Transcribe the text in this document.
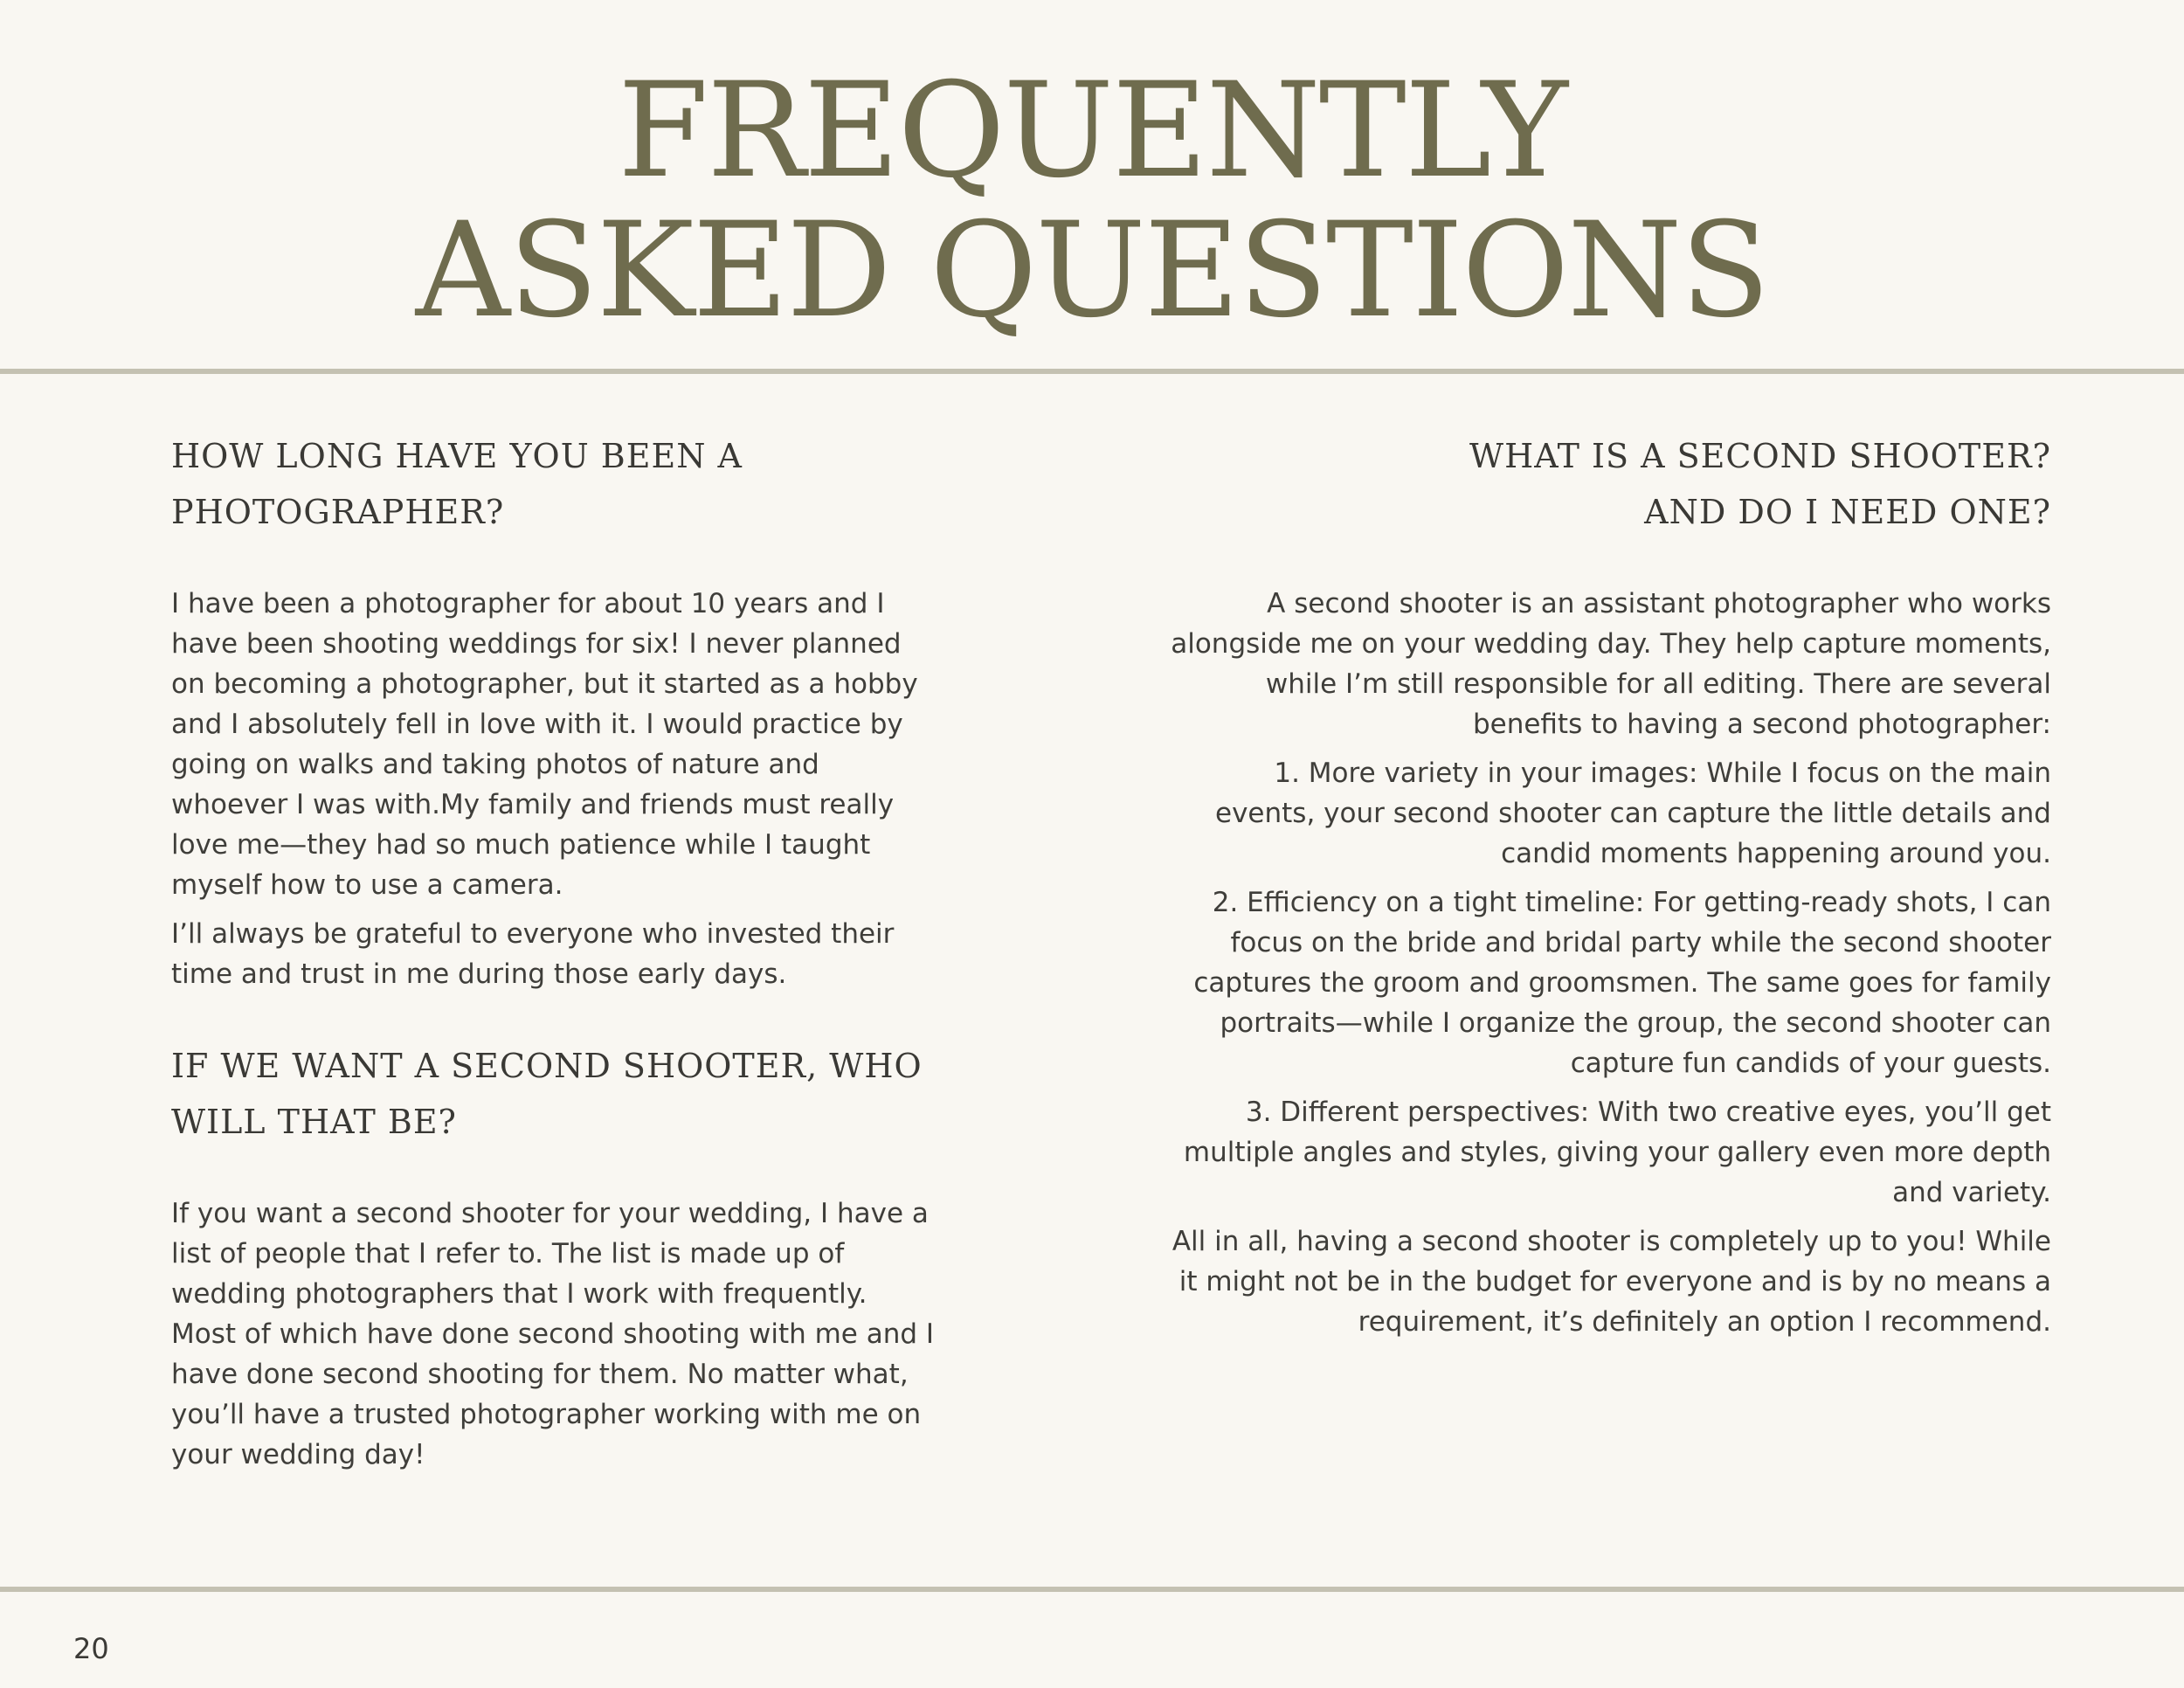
FREQUENTLY
ASKED QUESTIONS
HOW LONG HAVE YOU BEEN A
PHOTOGRAPHER?

I have been a photographer for about 10 years and I have been shooting weddings for six! I never planned on becoming a photographer, but it started as a hobby and I absolutely fell in love with it. I would practice by going on walks and taking photos of nature and whoever I was with.My family and friends must really love me—they had so much patience while I taught myself how to use a camera.

I’ll always be grateful to everyone who invested their time and trust in me during those early days.

IF WE WANT A SECOND SHOOTER, WHO
WILL THAT BE?

If you want a second shooter for your wedding, I have a list of people that I refer to. The list is made up of wedding photographers that I work with frequently. Most of which have done second shooting with me and I have done second shooting for them. No matter what, you’ll have a trusted photographer working with me on your wedding day!

WHAT IS A SECOND SHOOTER?
AND DO I NEED ONE?

A second shooter is an assistant photographer who works alongside me on your wedding day. They help capture moments, while I’m still responsible for all editing. There are several benefits to having a second photographer:

1. More variety in your images: While I focus on the main events, your second shooter can capture the little details and candid moments happening around you.

2. Efficiency on a tight timeline: For getting-ready shots, I can focus on the bride and bridal party while the second shooter captures the groom and groomsmen. The same goes for family portraits—while I organize the group, the second shooter can capture fun candids of your guests.

3. Different perspectives: With two creative eyes, you’ll get multiple angles and styles, giving your gallery even more depth and variety.

All in all, having a second shooter is completely up to you! While it might not be in the budget for everyone and is by no means a requirement, it’s definitely an option I recommend.

20
